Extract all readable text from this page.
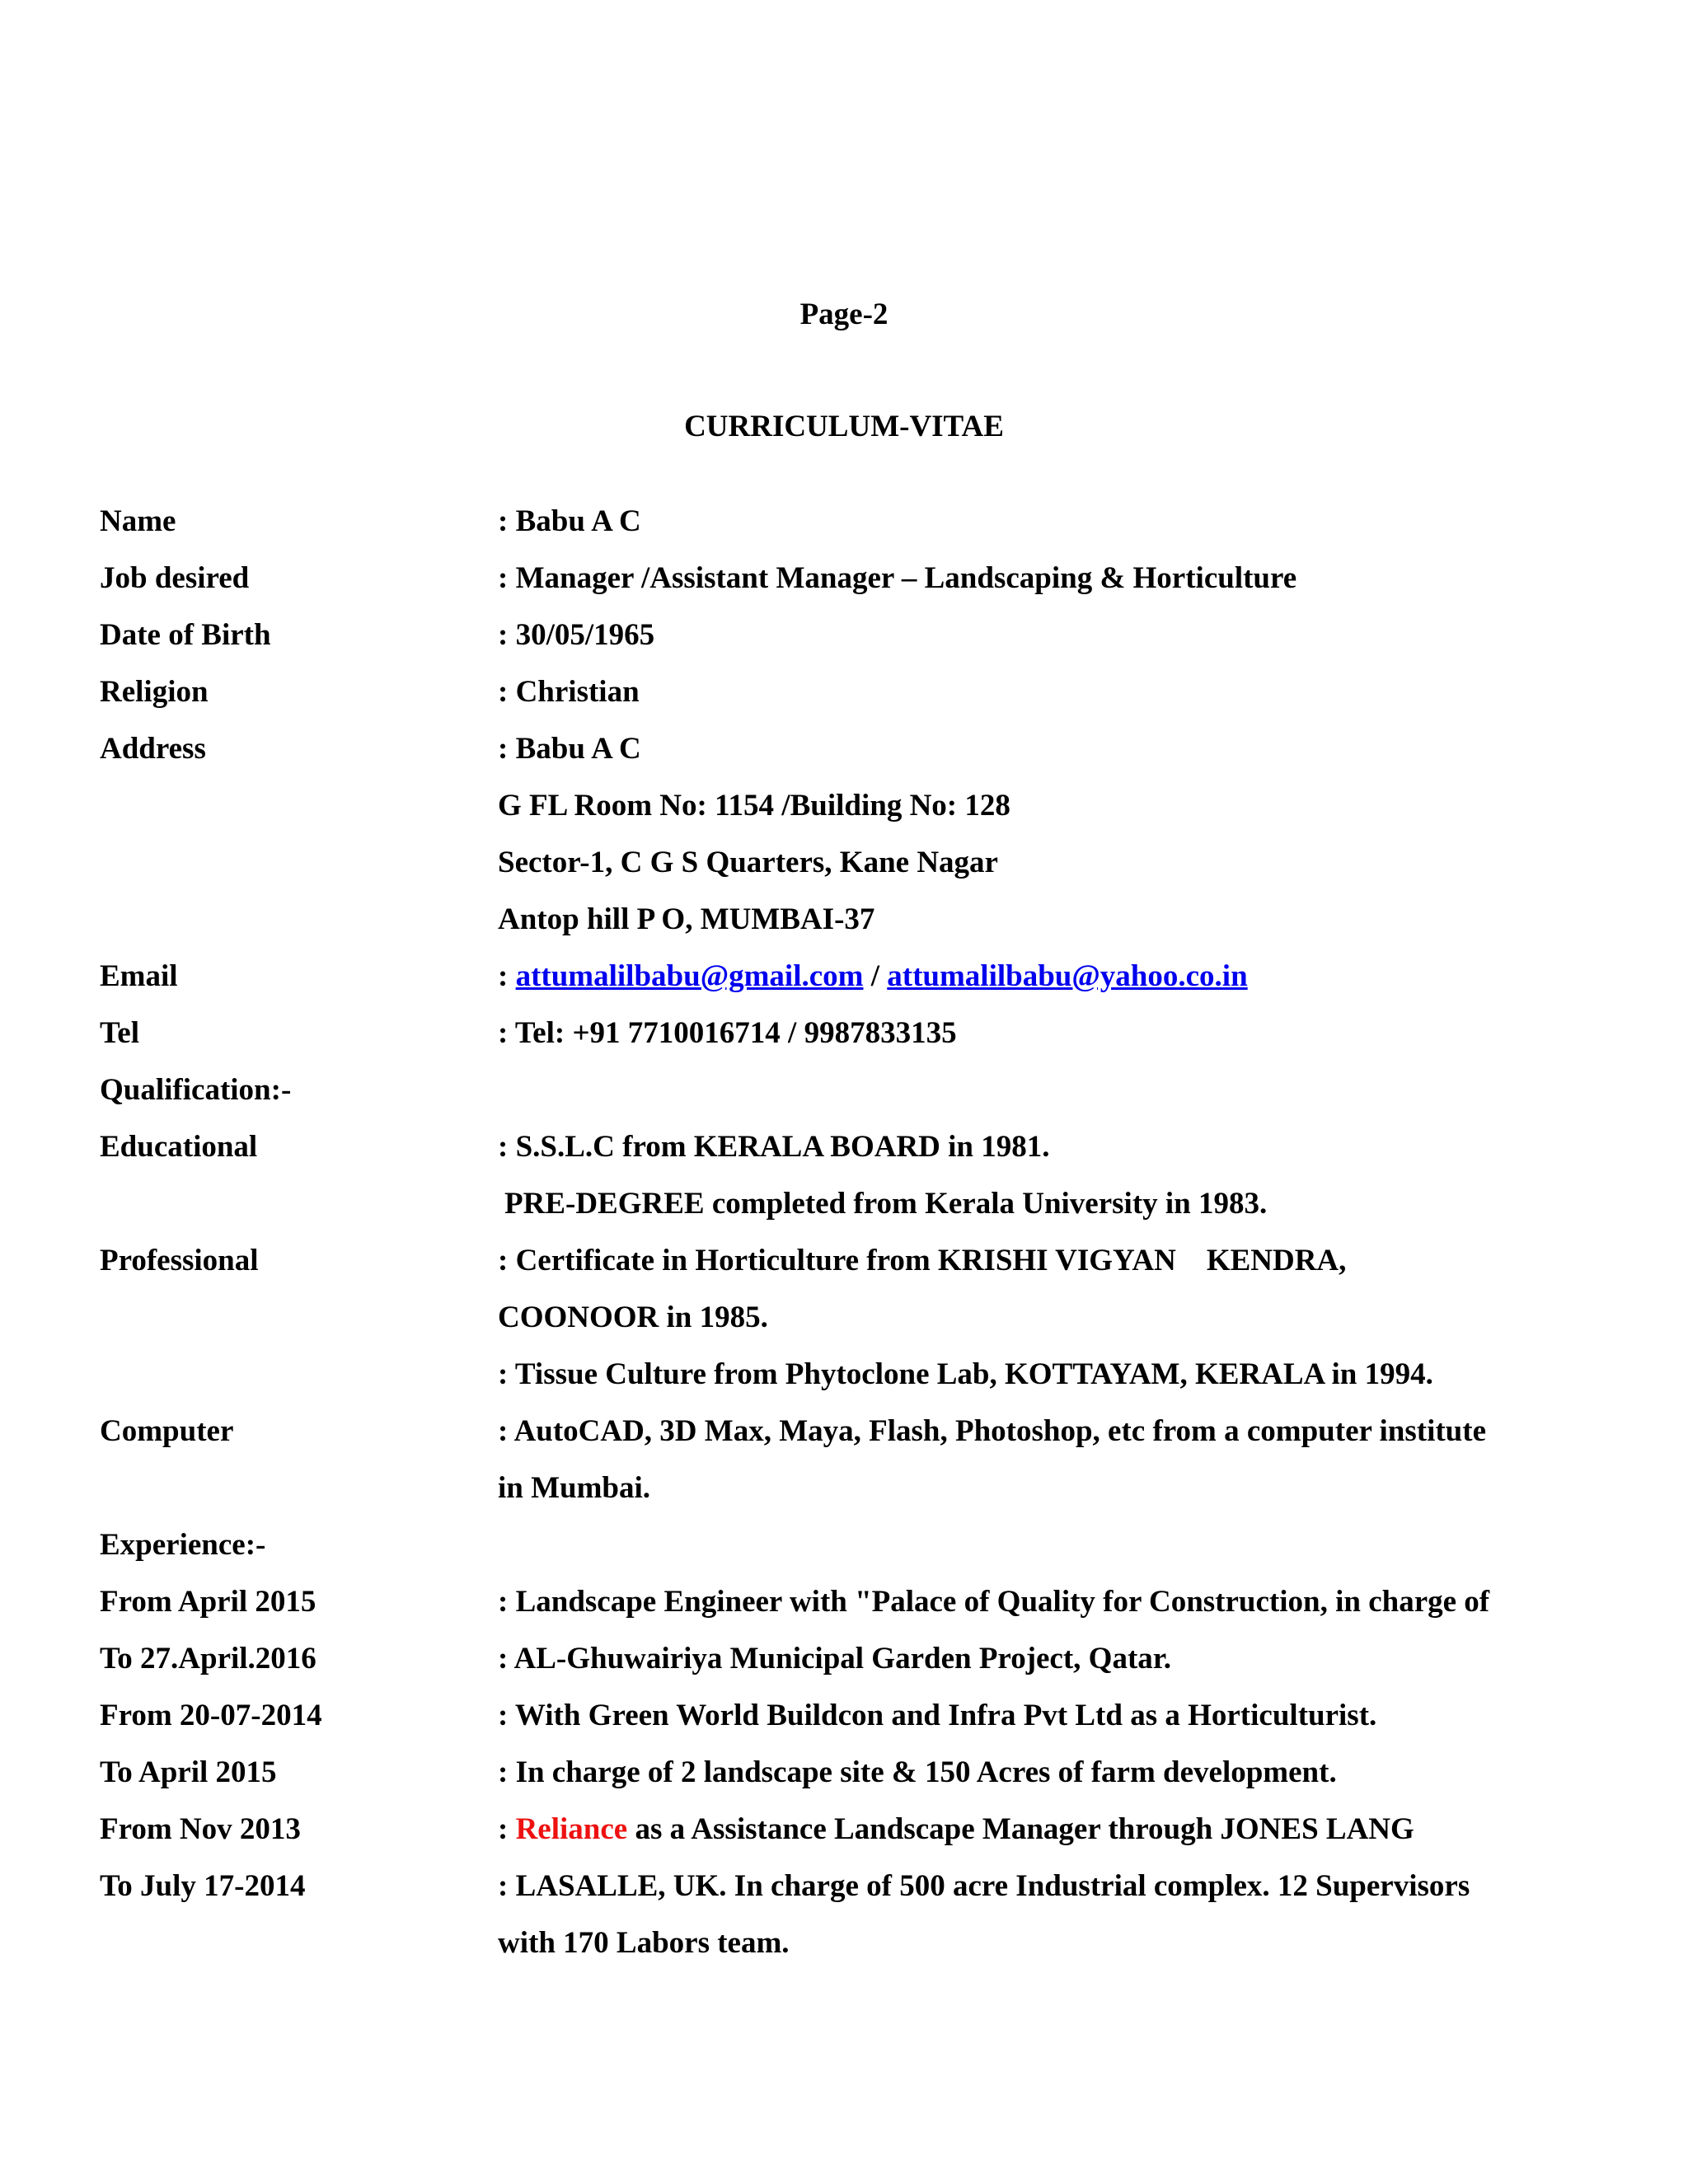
Page-2
CURRICULUM-VITAE
Name	: Babu A C
Job desired	: Manager /Assistant Manager – Landscaping & Horticulture
Date of Birth	: 30/05/1965
Religion	: Christian
Address	: Babu A C
G FL Room No: 1154 /Building No: 128
Sector-1, C G S Quarters, Kane Nagar
Antop hill P O, MUMBAI-37
Email	: attumalilbabu@gmail.com / attumalilbabu@yahoo.co.in
Tel	: Tel: +91 7710016714 / 9987833135
Qualification:-
Educational	: S.S.L.C from KERALA BOARD in 1981.
PRE-DEGREE completed from Kerala University in 1983.
Professional	: Certificate in Horticulture from KRISHI VIGYAN    KENDRA,
COONOOR in 1985.
: Tissue Culture from Phytoclone Lab, KOTTAYAM, KERALA in 1994.
Computer	: AutoCAD, 3D Max, Maya, Flash, Photoshop, etc from a computer institute
in Mumbai.
Experience:-
From April 2015	: Landscape Engineer with "Palace of Quality for Construction, in charge of
To 27.April.2016	: AL-Ghuwairiya Municipal Garden Project, Qatar.
From 20-07-2014	: With Green World Buildcon and Infra Pvt Ltd as a Horticulturist.
To April 2015	: In charge of 2 landscape site & 150 Acres of farm development.
From Nov 2013	: Reliance as a Assistance Landscape Manager through JONES LANG
To July 17-2014	: LASALLE, UK. In charge of 500 acre Industrial complex. 12 Supervisors
with 170 Labors team.
